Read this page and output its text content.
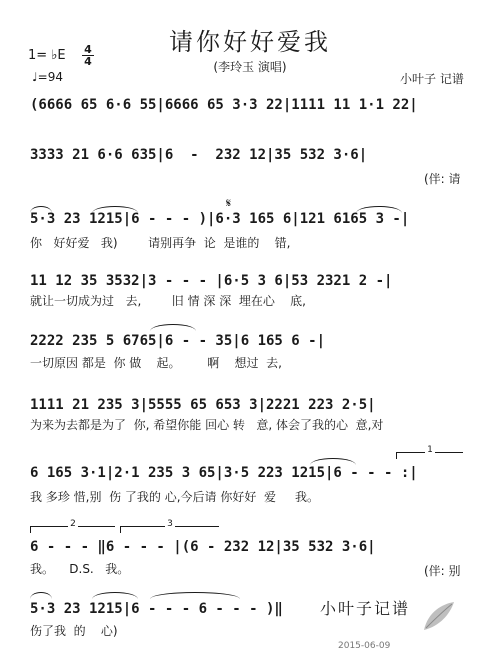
请你好好爱我
(李玲玉 演唱)
1= ♭E 4
4
♩=94	小叶子 记谱
(6666 65 6·6 55|6666 65 3·3 22|1111 11 1·1 22|
3333 21 6·6 635|6  -  232 12|35 532 3·6|
(伴: 请
𝄋
5·3 23 1215|6 - - - )|6·3 165 6|121 6165 3 -|
你   好好爱   我)        请别再争  论  是谁的    错,
11 12 35 3532|3 - - - |6·5 3 6|53 2321 2 -|
就让一切成为过   去,        旧 情 深 深  埋在心    底,
2222 235 5 6765|6 - - 35|6 165 6 -|
一切原因 都是  你 做    起。       啊    想过  去,
1111 21 235 3|5555 65 653 3|2221 223 2·5|
为来为去都是为了  你, 希望你能 回心 转   意, 体会了我的心  意,对
1
6 165 3·1|2·1 235 3 65|3·5 223 1215|6 - - - :|
我 多珍 惜,别  伤 了我的 心,今后请 你好好  爱     我。
2	3
6 - - - ‖6 - - - |(6 - 232 12|35 532 3·6|
我。    D.S.   我。	(伴: 别
5·3 23 1215|6 - - - 6 - - - )‖
伤了我  的    心)
小叶子记谱
2015-06-09
